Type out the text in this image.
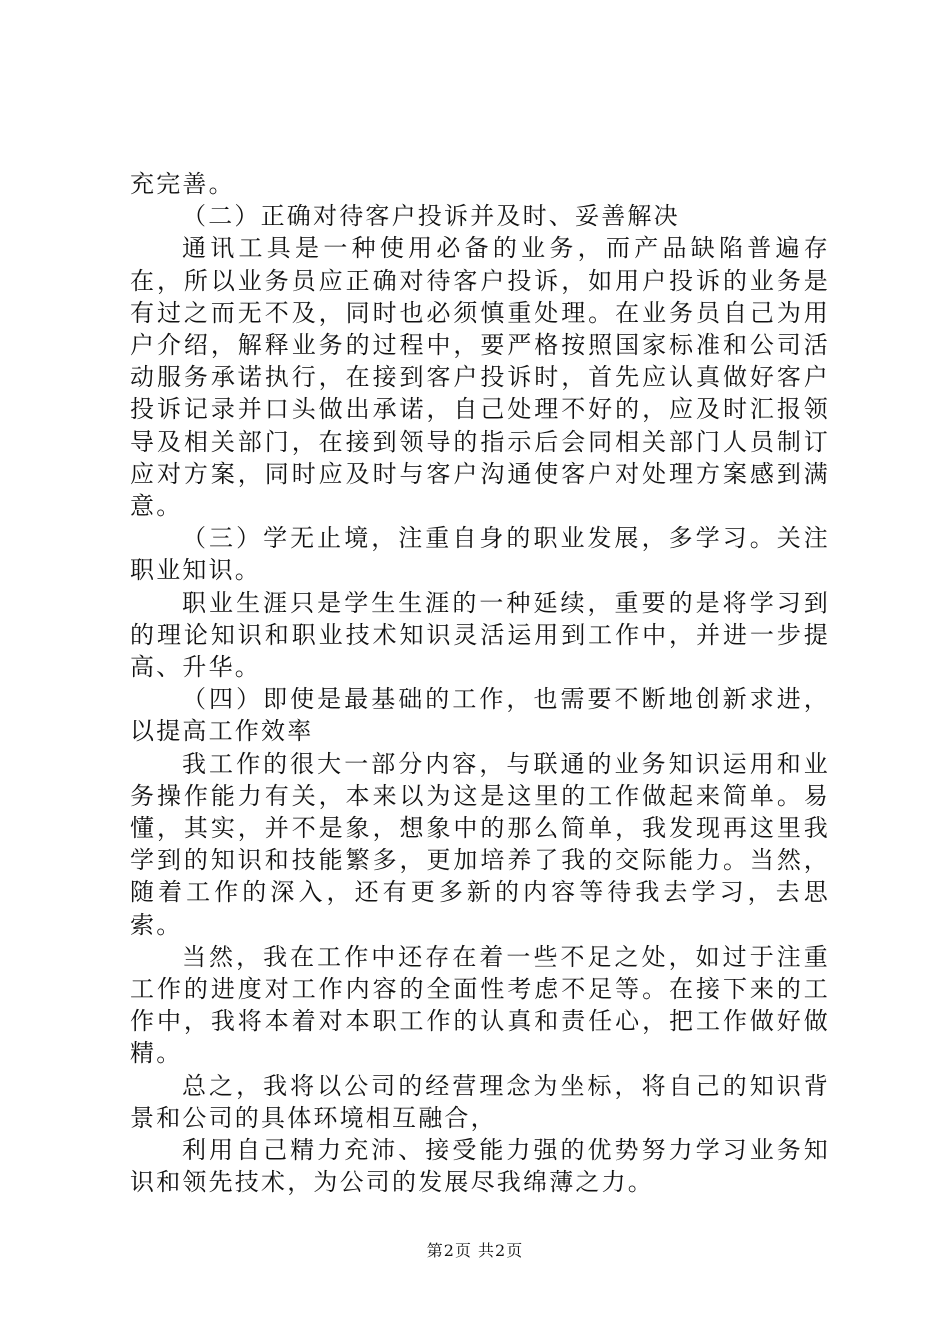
充完善。

（二）正确对待客户投诉并及时、妥善解决

通讯工具是一种使用必备的业务，而产品缺陷普遍存在，所以业务员应正确对待客户投诉，如用户投诉的业务是有过之而无不及，同时也必须慎重处理。在业务员自己为用户介绍，解释业务的过程中，要严格按照国家标准和公司活动服务承诺执行，在接到客户投诉时，首先应认真做好客户投诉记录并口头做出承诺，自己处理不好的，应及时汇报领导及相关部门，在接到领导的指示后会同相关部门人员制订应对方案，同时应及时与客户沟通使客户对处理方案感到满意。

（三）学无止境，注重自身的职业发展，多学习。关注职业知识。

职业生涯只是学生生涯的一种延续，重要的是将学习到的理论知识和职业技术知识灵活运用到工作中，并进一步提高、升华。

（四）即使是最基础的工作，也需要不断地创新求进，以提高工作效率

我工作的很大一部分内容，与联通的业务知识运用和业务操作能力有关，本来以为这是这里的工作做起来简单。易懂，其实，并不是象，想象中的那么简单，我发现再这里我学到的知识和技能繁多，更加培养了我的交际能力。当然，随着工作的深入，还有更多新的内容等待我去学习，去思索。

当然，我在工作中还存在着一些不足之处，如过于注重工作的进度对工作内容的全面性考虑不足等。在接下来的工作中，我将本着对本职工作的认真和责任心，把工作做好做精。

总之，我将以公司的经营理念为坐标，将自己的知识背景和公司的具体环境相互融合，

利用自己精力充沛、接受能力强的优势努力学习业务知识和领先技术，为公司的发展尽我绵薄之力。

第2页 共2页
